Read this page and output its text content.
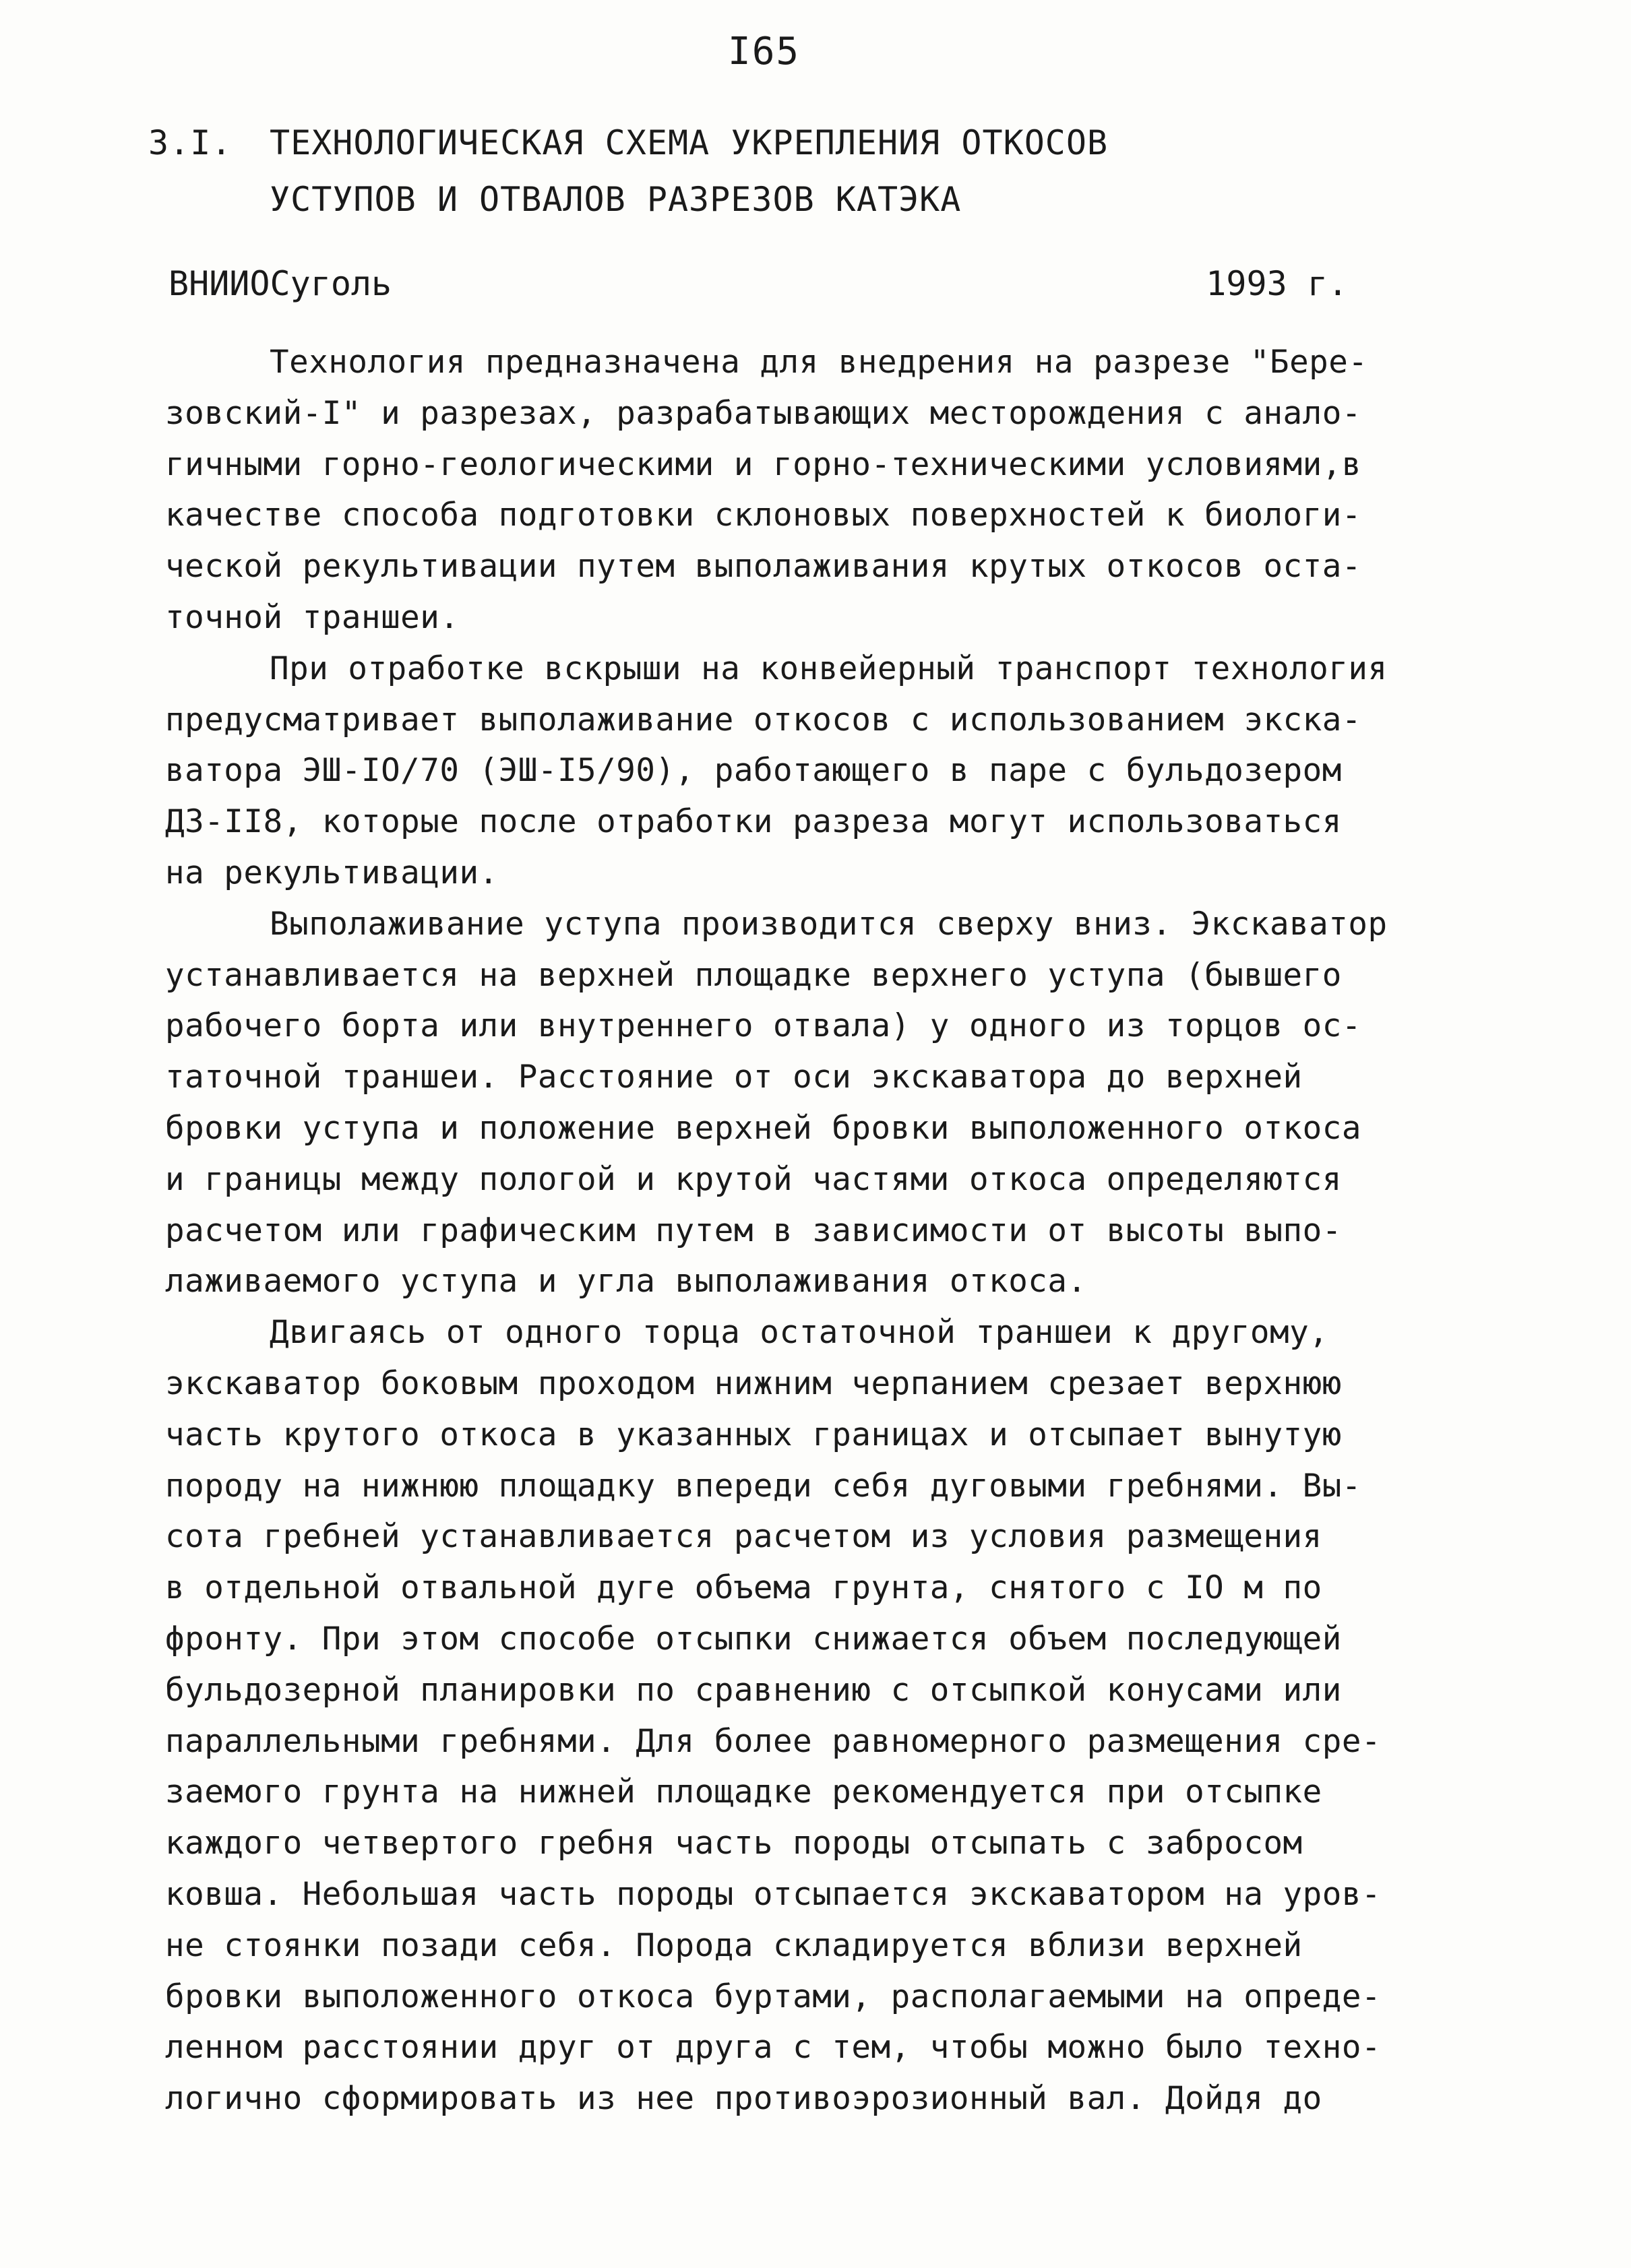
I65
3.I. ТЕХНОЛОГИЧЕСКАЯ СХЕМА УКРЕПЛЕНИЯ ОТКОСОВ
УСТУПОВ И ОТВАЛОВ РАЗРЕЗОВ КАТЭКА
ВНИИОСуголь	1993 г.
Технология предназначена для внедрения на разрезе "Бере-
зовский-I" и разрезах, разрабатывающих месторождения с анало-
гичными горно-геологическими и горно-техническими условиями,в
качестве способа подготовки склоновых поверхностей к биологи-
ческой рекультивации путем выполаживания крутых откосов оста-
точной траншеи.
При отработке вскрыши на конвейерный транспорт технология
предусматривает выполаживание откосов с использованием экска-
ватора ЭШ-IO/70 (ЭШ-I5/90), работающего в паре с бульдозером
ДЗ-II8, которые после отработки разреза могут использоваться
на рекультивации.
Выполаживание уступа производится сверху вниз. Экскаватор
устанавливается на верхней площадке верхнего уступа (бывшего
рабочего борта или внутреннего отвала) у одного из торцов ос-
таточной траншеи. Расстояние от оси экскаватора до верхней
бровки уступа и положение верхней бровки выположенного откоса
и границы между пологой и крутой частями откоса определяются
расчетом или графическим путем в зависимости от высоты выпо-
лаживаемого уступа и угла выполаживания откоса.
Двигаясь от одного торца остаточной траншеи к другому,
экскаватор боковым проходом нижним черпанием срезает верхнюю
часть крутого откоса в указанных границах и отсыпает вынутую
породу на нижнюю площадку впереди себя дуговыми гребнями. Вы-
сота гребней устанавливается расчетом из условия размещения
в отдельной отвальной дуге объема грунта, снятого с IO м по
фронту. При этом способе отсыпки снижается объем последующей
бульдозерной планировки по сравнению с отсыпкой конусами или
параллельными гребнями. Для более равномерного размещения сре-
заемого грунта на нижней площадке рекомендуется при отсыпке
каждого четвертого гребня часть породы отсыпать с забросом
ковша. Небольшая часть породы отсыпается экскаватором на уров-
не стоянки позади себя. Порода складируется вблизи верхней
бровки выположенного откоса буртами, располагаемыми на опреде-
ленном расстоянии друг от друга с тем, чтобы можно было техно-
логично сформировать из нее противоэрозионный вал. Дойдя до
